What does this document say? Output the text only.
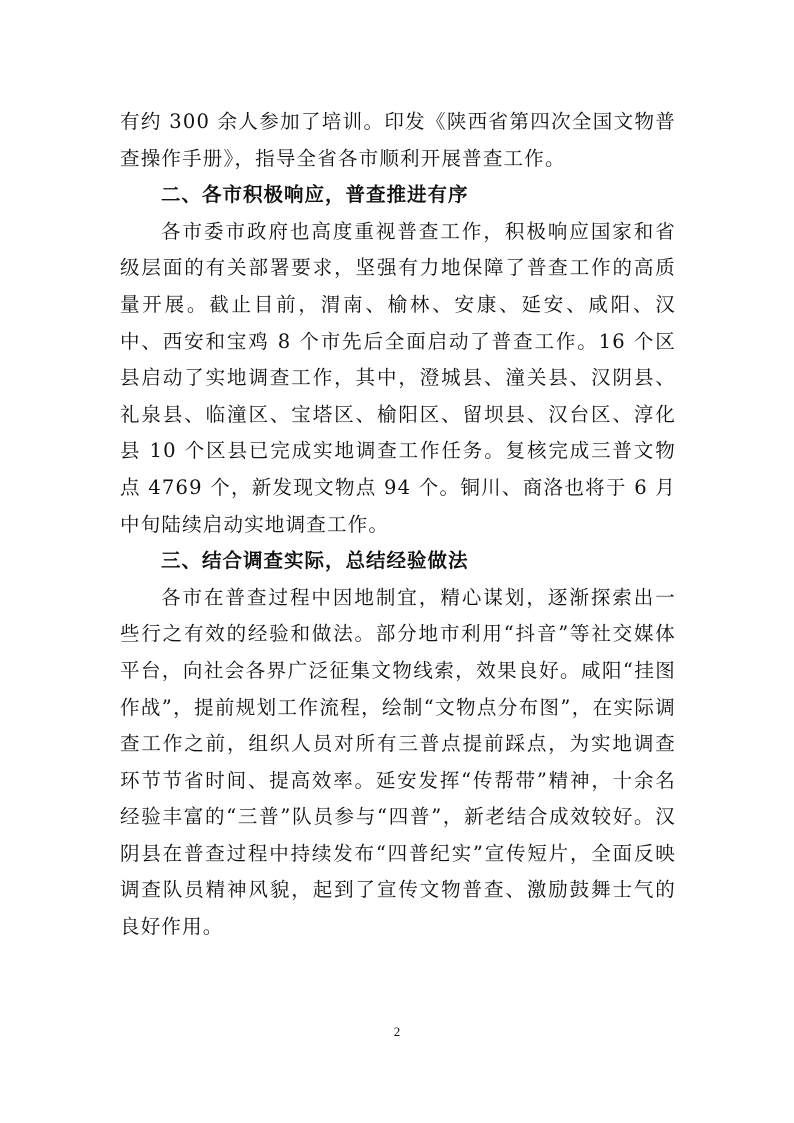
有约 300 余人参加了培训。印发《陕西省第四次全国文物普查操作手册》，指导全省各市顺利开展普查工作。

二、各市积极响应，普查推进有序

各市委市政府也高度重视普查工作，积极响应国家和省级层面的有关部署要求，坚强有力地保障了普查工作的高质量开展。截止目前，渭南、榆林、安康、延安、咸阳、汉中、西安和宝鸡 8 个市先后全面启动了普查工作。16 个区县启动了实地调查工作，其中，澄城县、潼关县、汉阴县、礼泉县、临潼区、宝塔区、榆阳区、留坝县、汉台区、淳化县 10 个区县已完成实地调查工作任务。复核完成三普文物点 4769 个，新发现文物点 94 个。铜川、商洛也将于 6 月中旬陆续启动实地调查工作。

三、结合调查实际，总结经验做法

各市在普查过程中因地制宜，精心谋划，逐渐探索出一些行之有效的经验和做法。部分地市利用“抖音”等社交媒体平台，向社会各界广泛征集文物线索，效果良好。咸阳“挂图作战”，提前规划工作流程，绘制“文物点分布图”，在实际调查工作之前，组织人员对所有三普点提前踩点，为实地调查环节节省时间、提高效率。延安发挥“传帮带”精神，十余名经验丰富的“三普”队员参与“四普”，新老结合成效较好。汉阴县在普查过程中持续发布“四普纪实”宣传短片，全面反映调查队员精神风貌，起到了宣传文物普查、激励鼓舞士气的良好作用。

2
